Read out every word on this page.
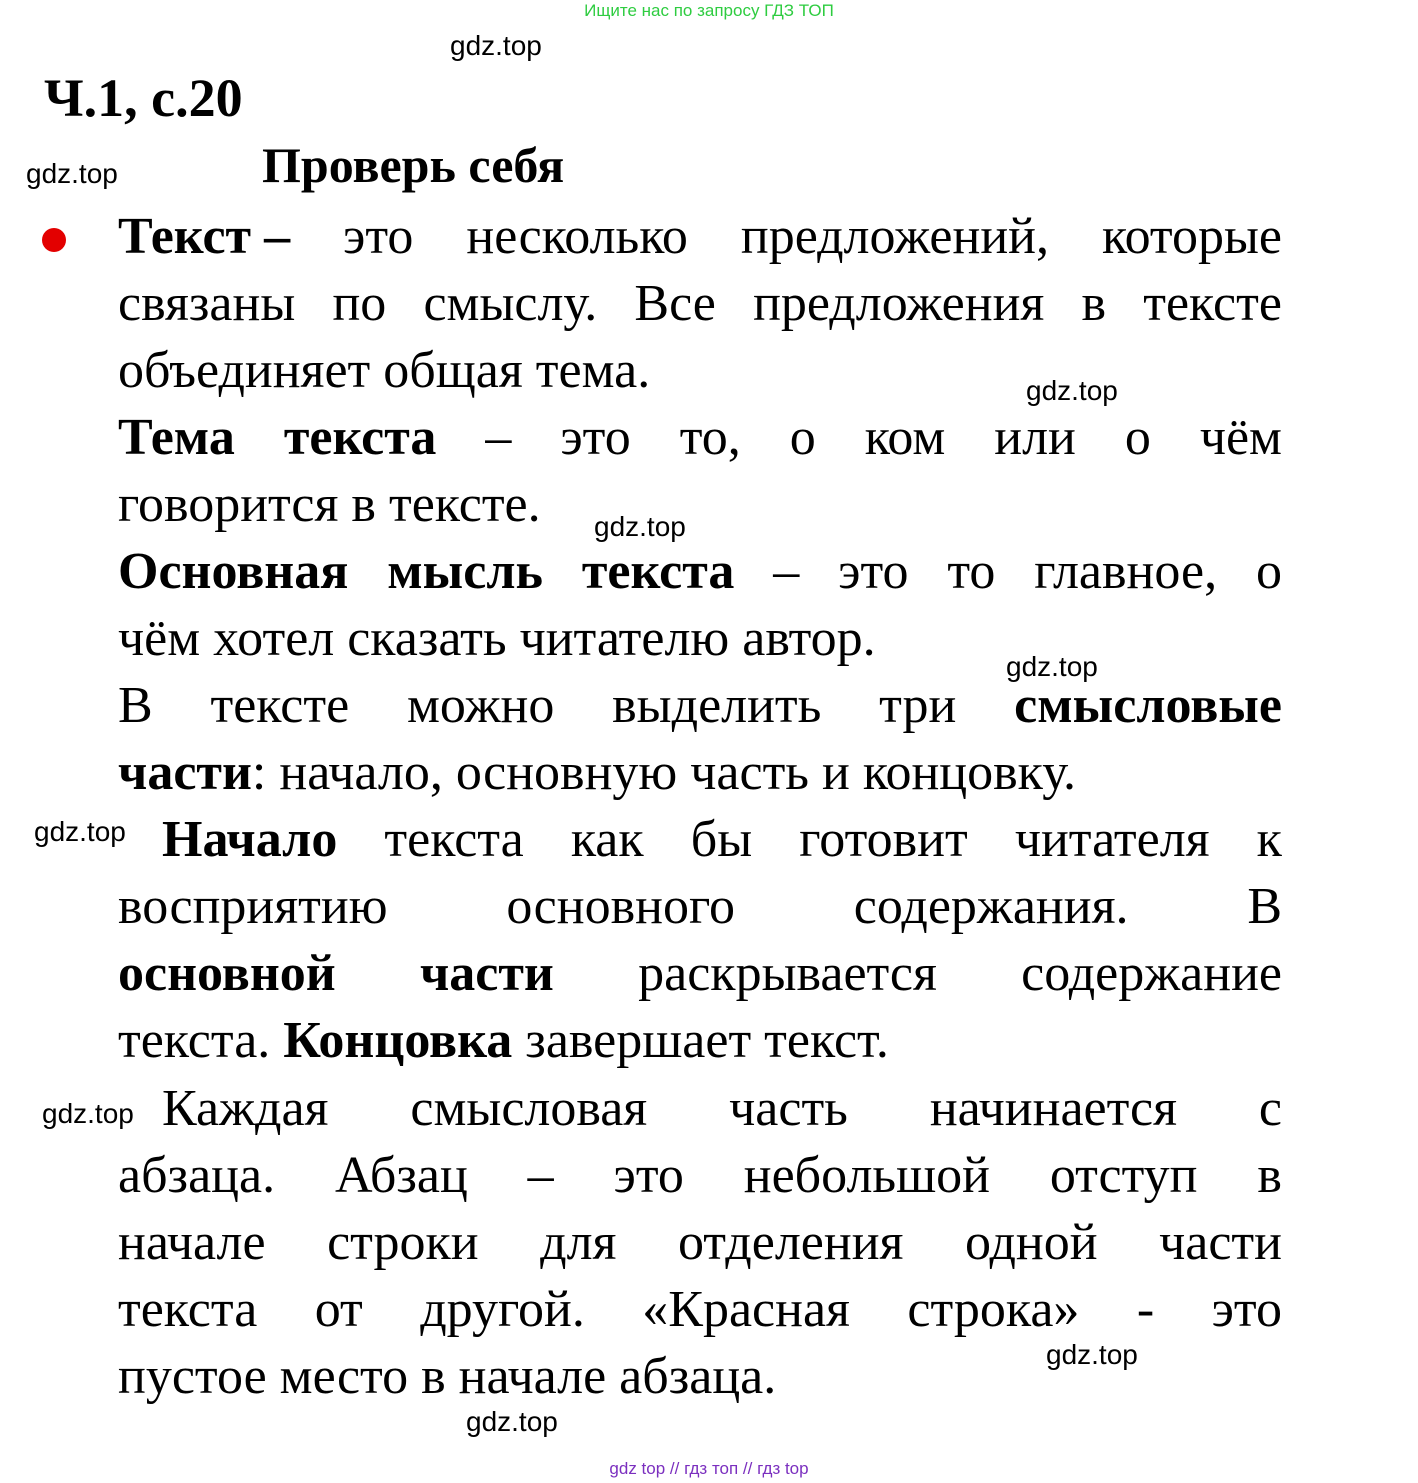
Ищите нас по запросу ГДЗ ТОП
gdz.top
Ч.1, с.20
gdz.top	Проверь себя
Текст – это несколько предложений, которые
связаны по смыслу. Все предложения в тексте
объединяет общая тема.	gdz.top
Тема текста – это то, о ком или о чём
говорится в тексте.	gdz.top
Основная мысль текста – это то главное, о
чём хотел сказать читателю автор.	gdz.top
В тексте можно выделить три смысловые
части: начало, основную часть и концовку.
gdz.top Начало текста как бы готовит читателя к
восприятию основного содержания. В
основной части раскрывается содержание
текста. Концовка завершает текст.
gdz.top Каждая смысловая часть начинается с
абзаца. Абзац – это небольшой отступ в
начале строки для отделения одной части
текста от другой. «Красная строка» - это
gdz.top
пустое место в начале абзаца.
gdz.top
gdz top // гдз топ // гдз top
